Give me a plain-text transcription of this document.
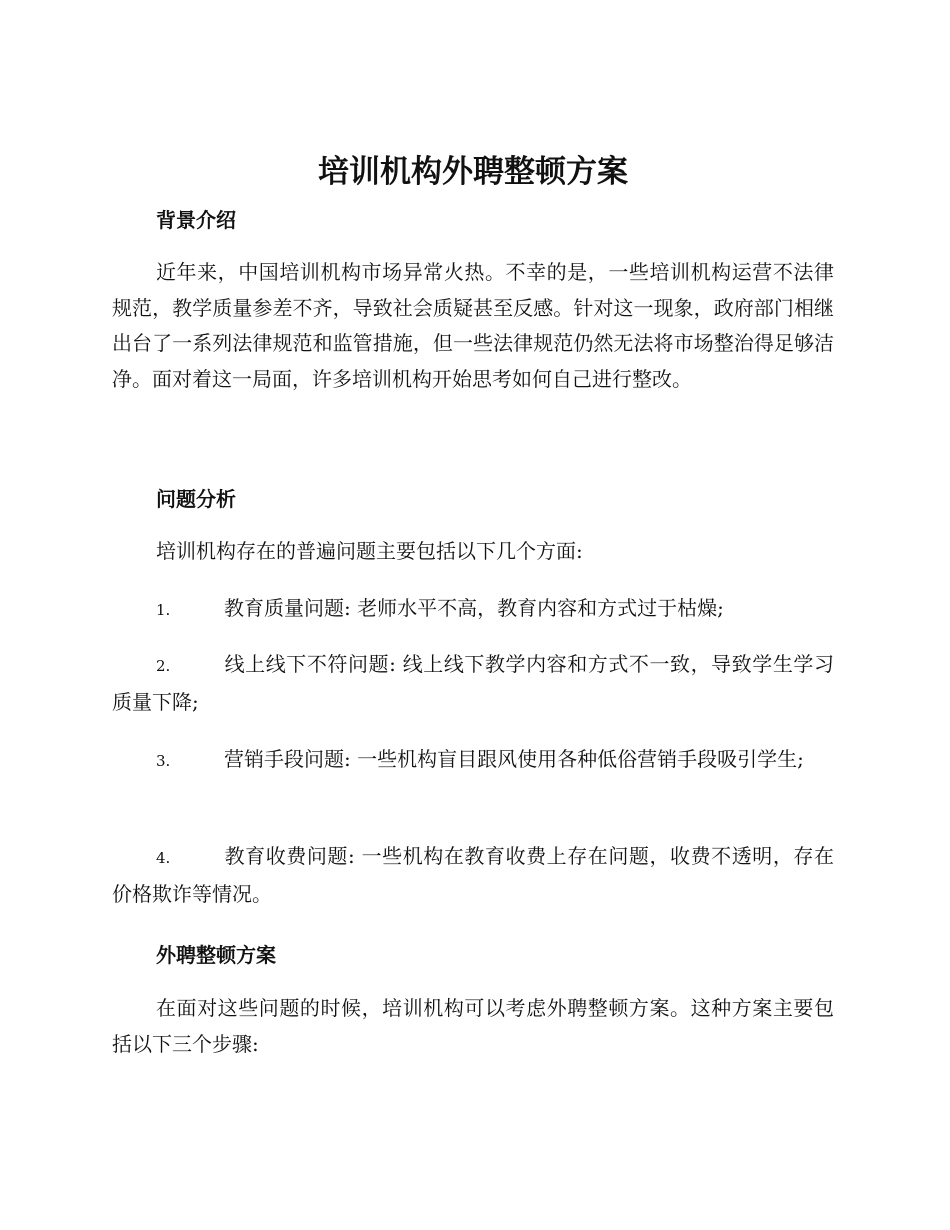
培训机构外聘整顿方案
背景介绍

近年来，中国培训机构市场异常火热。不幸的是，一些培训机构运营不法律规范，教学质量参差不齐，导致社会质疑甚至反感。针对这一现象，政府部门相继出台了一系列法律规范和监管措施，但一些法律规范仍然无法将市场整治得足够洁净。面对着这一局面，许多培训机构开始思考如何自己进行整改。

问题分析

培训机构存在的普遍问题主要包括以下几个方面:

1.	教育质量问题: 老师水平不高，教育内容和方式过于枯燥;

2.	线上线下不符问题: 线上线下教学内容和方式不一致，导致学生学习质量下降;

3.	营销手段问题: 一些机构盲目跟风使用各种低俗营销手段吸引学生;

4.	教育收费问题: 一些机构在教育收费上存在问题，收费不透明，存在价格欺诈等情况。

外聘整顿方案

在面对这些问题的时候，培训机构可以考虑外聘整顿方案。这种方案主要包括以下三个步骤:
